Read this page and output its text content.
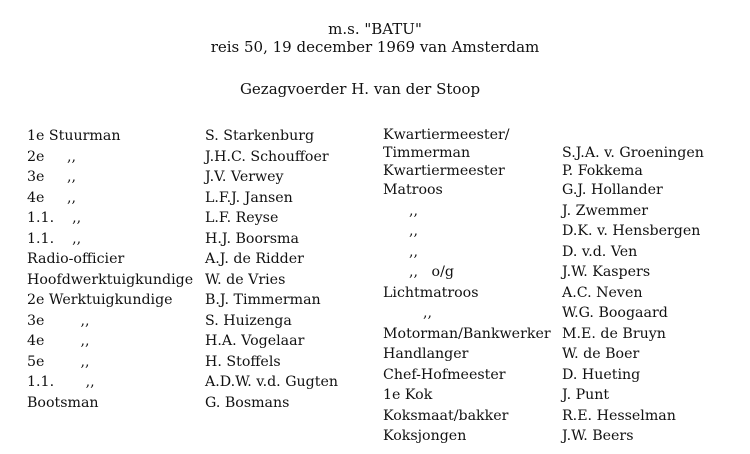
m.s. "BATU"
reis 50, 19 december 1969 van Amsterdam
Gezagvoerder H. van der Stoop
1e Stuurman
2e     ,,
3e     ,,
4e     ,,
1.1.    ,,
1.1.    ,,
Radio-officier
Hoofdwerktuigkundige
2e Werktuigkundige
3e        ,,
4e        ,,
5e        ,,
1.1.       ,,
Bootsman
S. Starkenburg
J.H.C. Schouffoer
J.V. Verwey
L.F.J. Jansen
L.F. Reyse
H.J. Boorsma
A.J. de Ridder
W. de Vries
B.J. Timmerman
S. Huizenga
H.A. Vogelaar
H. Stoffels
A.D.W. v.d. Gugten
G. Bosmans
Kwartiermeester/
Timmerman
Kwartiermeester
Matroos
,,
,,
,,
,,   o/g
Lichtmatroos
,,
Motorman/Bankwerker
Handlanger
Chef-Hofmeester
1e Kok
Koksmaat/bakker
Koksjongen
S.J.A. v. Groeningen
P. Fokkema
G.J. Hollander
J. Zwemmer
D.K. v. Hensbergen
D. v.d. Ven
J.W. Kaspers
A.C. Neven
W.G. Boogaard
M.E. de Bruyn
W. de Boer
D. Hueting
J. Punt
R.E. Hesselman
J.W. Beers
